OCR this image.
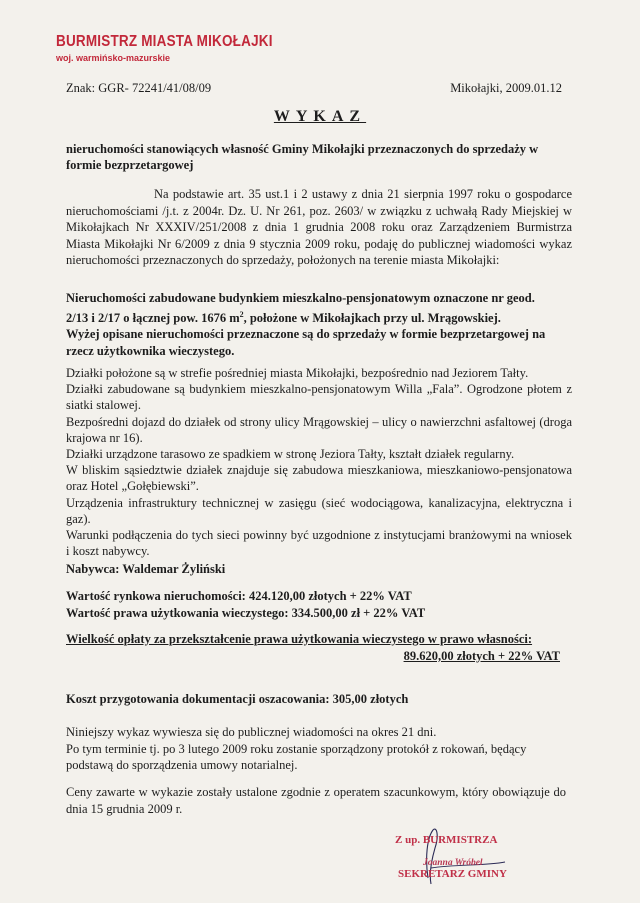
BURMISTRZ MIASTA MIKOŁAJKI
woj. warmińsko-mazurskie
Znak: GGR- 72241/41/08/09	Mikołajki, 2009.01.12
WYKAZ
nieruchomości stanowiących własność Gminy Mikołajki przeznaczonych do sprzedaży w formie bezprzetargowej
Na podstawie art. 35 ust.1 i 2 ustawy z dnia 21 sierpnia 1997 roku o gospodarce nieruchomościami /j.t. z 2004r. Dz. U. Nr 261, poz. 2603/ w związku z uchwałą Rady Miejskiej w Mikołajkach Nr XXXIV/251/2008 z dnia 1 grudnia 2008 roku oraz Zarządzeniem Burmistrza Miasta Mikołajki Nr 6/2009 z dnia 9 stycznia 2009 roku, podaję do publicznej wiadomości wykaz nieruchomości przeznaczonych do sprzedaży, położonych na terenie miasta Mikołajki:
Nieruchomości zabudowane budynkiem mieszkalno-pensjonatowym oznaczone nr geod.
2/13 i 2/17 o łącznej pow. 1676 $m^2$, położone w Mikołajkach przy ul. Mrągowskiej.
Wyżej opisane nieruchomości przeznaczone są do sprzedaży w formie bezprzetargowej na rzecz użytkownika wieczystego.

Działki położone są w strefie pośredniej miasta Mikołajki, bezpośrednio nad Jeziorem Tałty.

Działki zabudowane są budynkiem mieszkalno-pensjonatowym Willa „Fala”. Ogrodzone płotem z siatki stalowej.

Bezpośredni dojazd do działek od strony ulicy Mrągowskiej – ulicy o nawierzchni asfaltowej (droga krajowa nr 16).

Działki urządzone tarasowo ze spadkiem w stronę Jeziora Tałty, kształt działek regularny.

W bliskim sąsiedztwie działek znajduje się zabudowa mieszkaniowa, mieszkaniowo-pensjonatowa oraz Hotel „Gołębiewski”.

Urządzenia infrastruktury technicznej w zasięgu (sieć wodociągowa, kanalizacyjna, elektryczna i gaz).

Warunki podłączenia do tych sieci powinny być uzgodnione z instytucjami branżowymi na wniosek i koszt nabywcy.

Nabywca: Waldemar Żyliński
Wartość rynkowa nieruchomości: 424.120,00 złotych + 22% VAT
Wartość prawa użytkowania wieczystego: 334.500,00 zł + 22% VAT
Wielkość opłaty za przekształcenie prawa użytkowania wieczystego w prawo własności:
89.620,00 złotych + 22% VAT
Koszt przygotowania dokumentacji oszacowania: 305,00 złotych

Niniejszy wykaz wywiesza się do publicznej wiadomości na okres 21 dni.

Po tym terminie tj. po 3 lutego 2009 roku zostanie sporządzony protokół z rokowań, będący podstawą do sporządzenia umowy notarialnej.

Ceny zawarte w wykazie zostały ustalone zgodnie z operatem szacunkowym, który obowiązuje do dnia 15 grudnia 2009 r.
Z up. BURMISTRZA
Joanna Wróbel
SEKRETARZ GMINY
